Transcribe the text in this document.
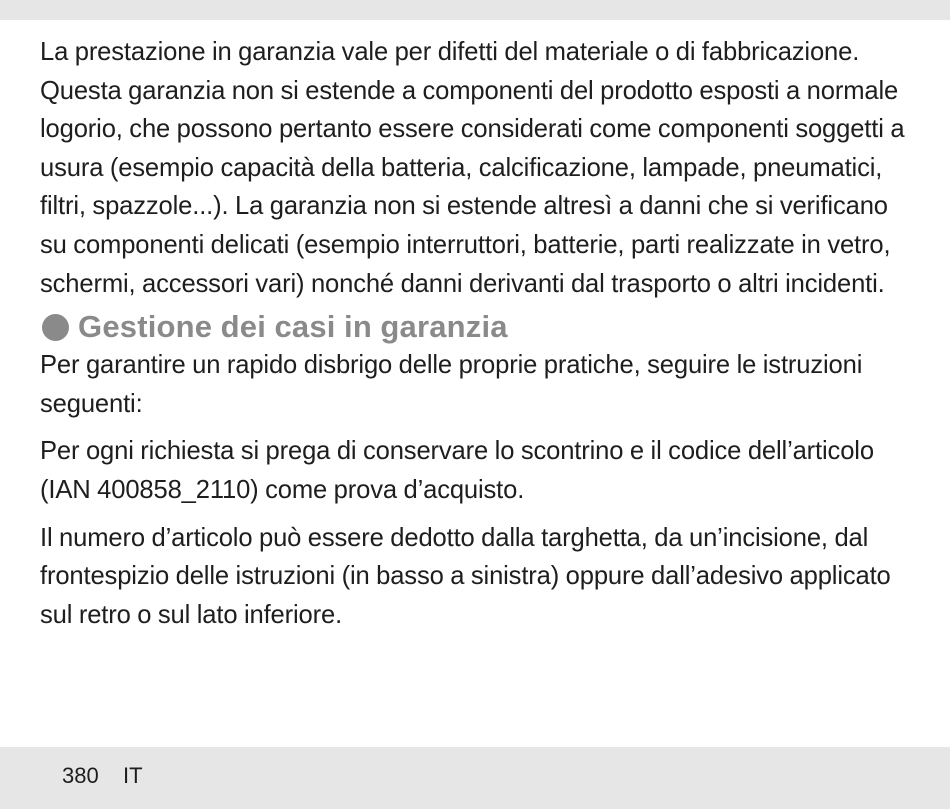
La prestazione in garanzia vale per difetti del materiale o di fabbricazione. Questa garanzia non si estende a componenti del prodotto esposti a normale logorio, che possono pertanto essere considerati come componenti soggetti a usura (esempio capacità della batteria, calcificazione, lampade, pneumatici, filtri, spazzole...). La garanzia non si estende altresì a danni che si verificano su componenti delicati (esempio interruttori, batterie, parti realizzate in vetro, schermi, accessori vari) nonché danni derivanti dal trasporto o altri incidenti.

Gestione dei casi in garanzia

Per garantire un rapido disbrigo delle proprie pratiche, seguire le istruzioni seguenti:

Per ogni richiesta si prega di conservare lo scontrino e il codice dell’articolo (IAN 400858_2110) come prova d’acquisto.

Il numero d’articolo può essere dedotto dalla targhetta, da un’incisione, dal frontespizio delle istruzioni (in basso a sinistra) oppure dall’adesivo applicato sul retro o sul lato inferiore.

380 IT
